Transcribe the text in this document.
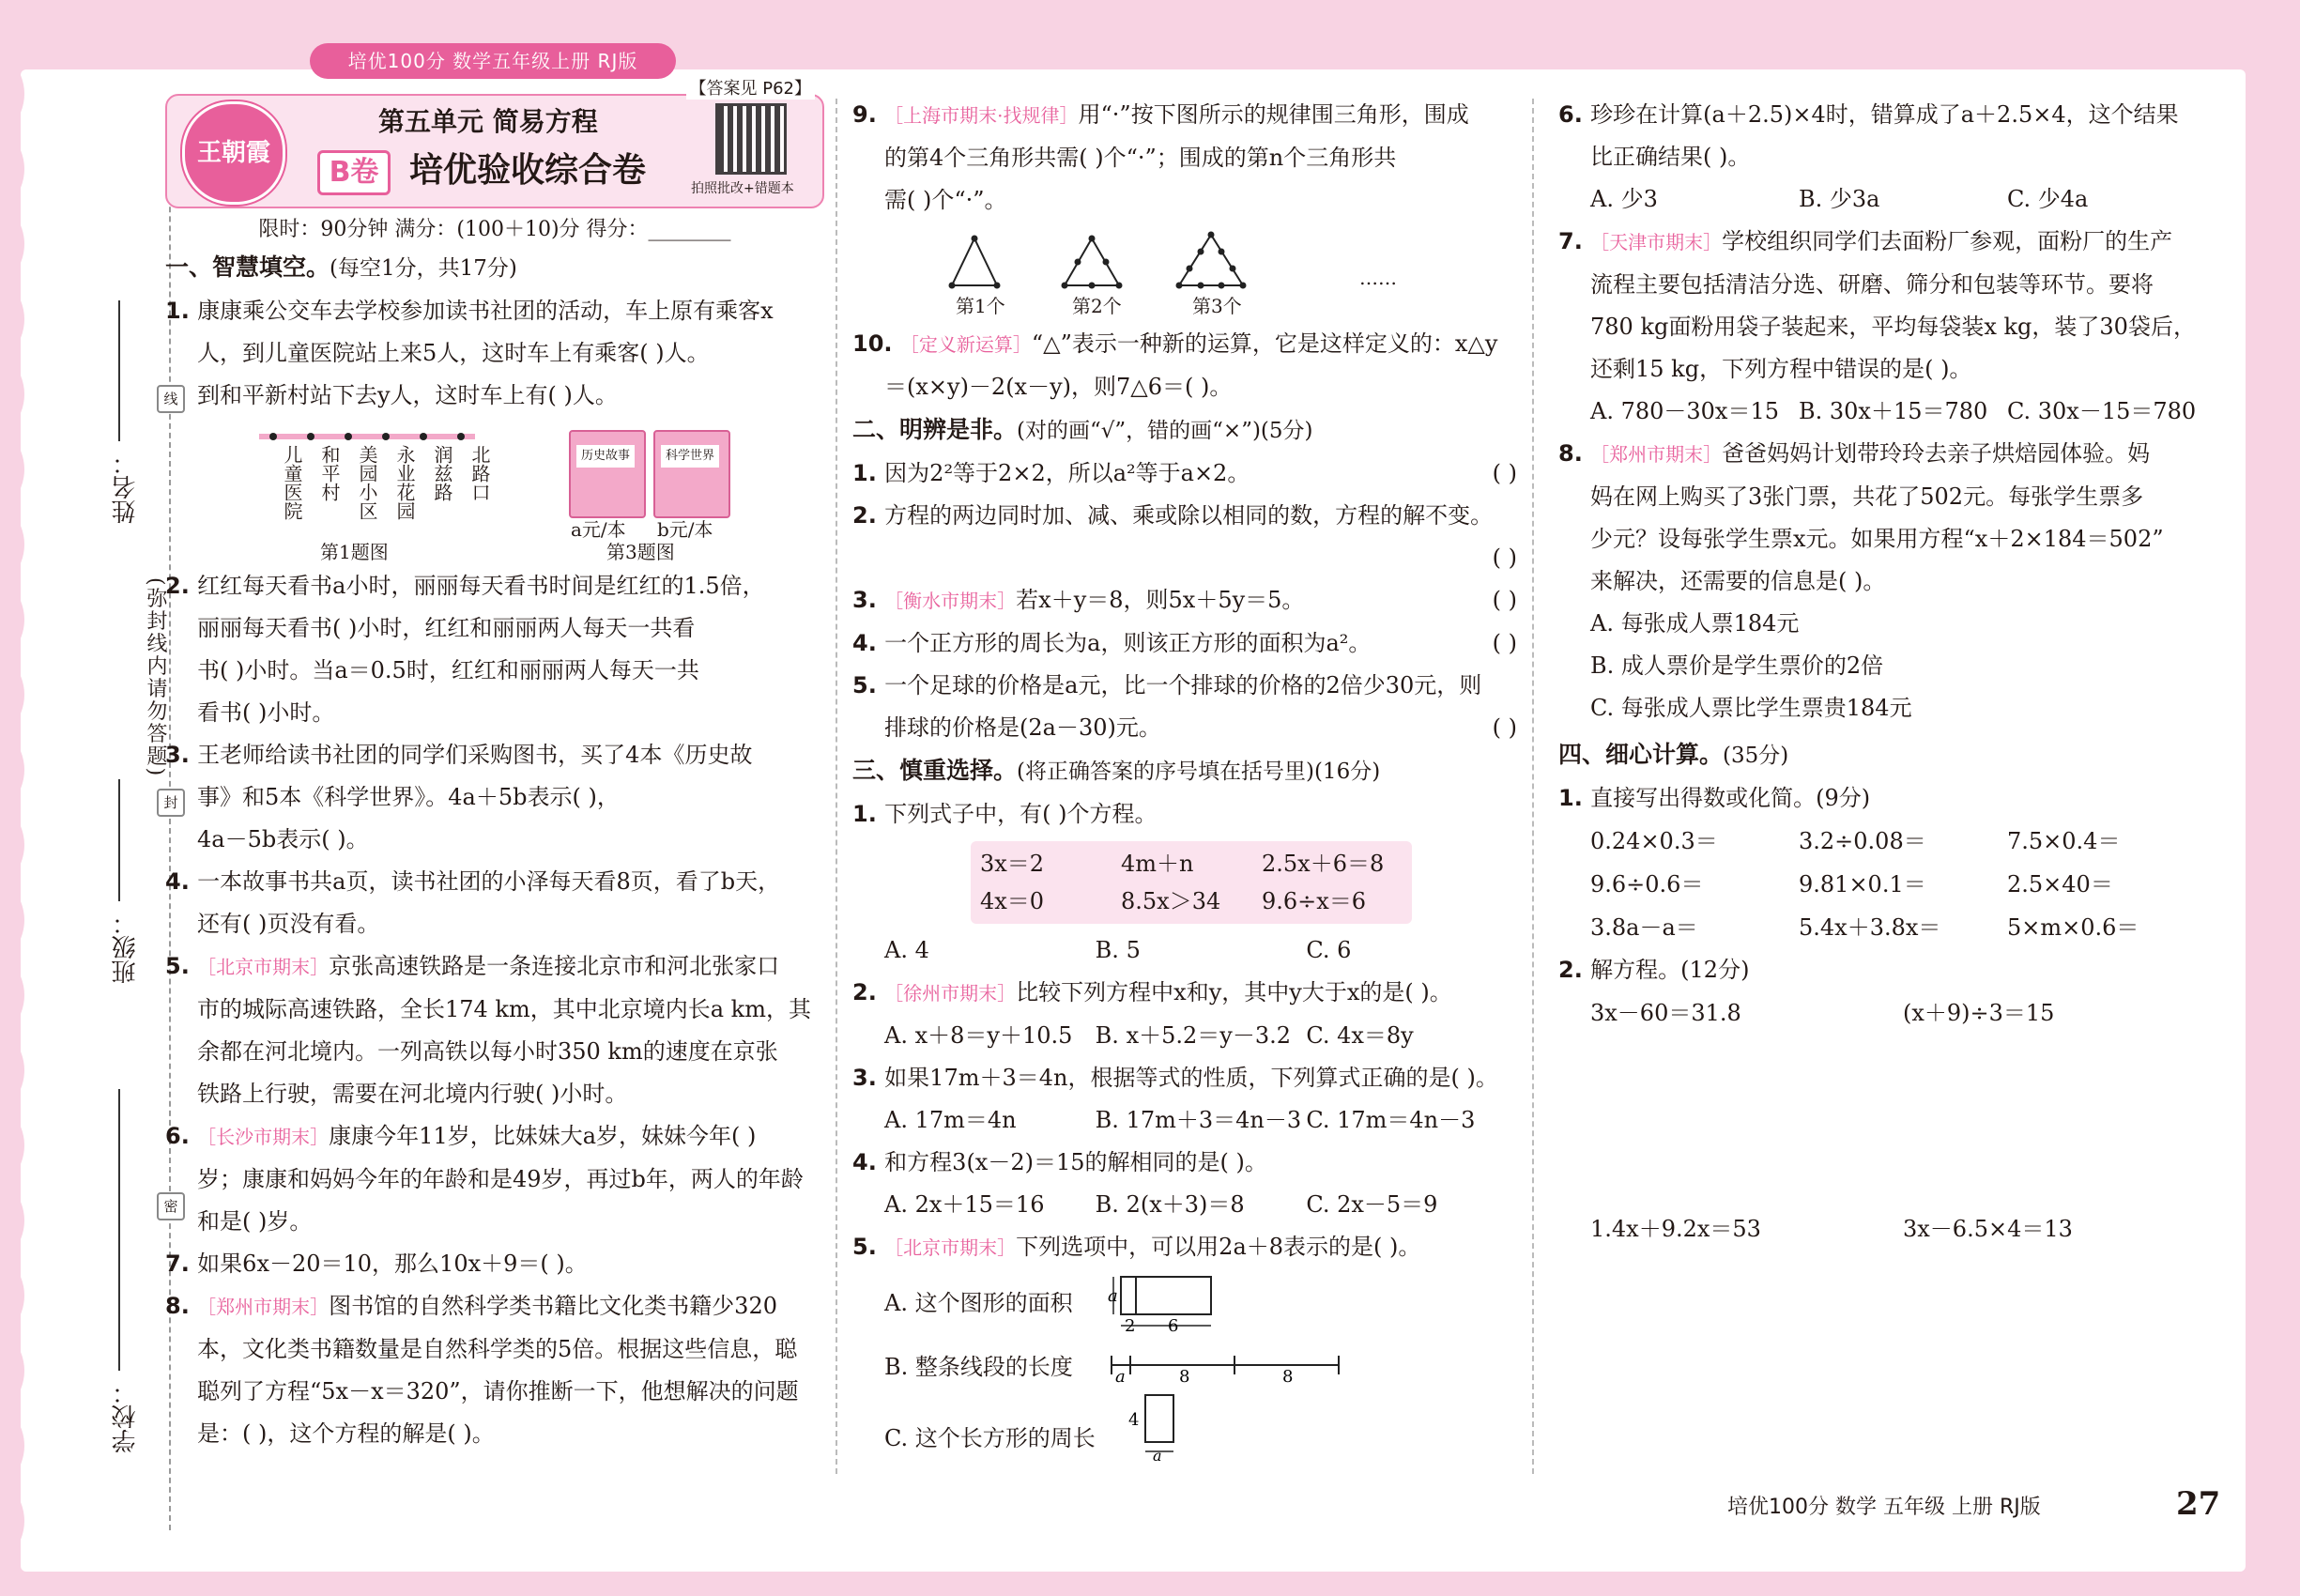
培优100分 数学五年级上册 RJ版
姓名：
班级：
学校：
线
封
密
(弥封线内请勿答题)
【答案见 P62】
王朝霞
第五单元 简易方程
B卷 培优验收综合卷	拍照批改+错题本
限时：90分钟 满分：(100＋10)分 得分：________
一、智慧填空。(每空1分，共17分)
1. 康康乘公交车去学校参加读书社团的活动，车上原有乘客x
人，到儿童医院站上来5人，这时车上有乘客( )人。
到和平新村站下去y人，这时车上有( )人。
儿童医院 和平村 美园小区 永业花园 润兹路 北路口	历史故事	科学世界
a元/本 b元/本
第1题图	第3题图
2. 红红每天看书a小时，丽丽每天看书时间是红红的1.5倍，
丽丽每天看书( )小时，红红和丽丽两人每天一共看
书( )小时。当a＝0.5时，红红和丽丽两人每天一共
看书( )小时。
3. 王老师给读书社团的同学们采购图书，买了4本《历史故
事》和5本《科学世界》。4a＋5b表示( )，
4a－5b表示( )。
4. 一本故事书共a页，读书社团的小泽每天看8页，看了b天，
还有( )页没有看。
5. ［北京市期末］京张高速铁路是一条连接北京市和河北张家口
市的城际高速铁路，全长174 km，其中北京境内长a km，其
余都在河北境内。一列高铁以每小时350 km的速度在京张
铁路上行驶，需要在河北境内行驶( )小时。
6. ［长沙市期末］康康今年11岁，比妹妹大a岁，妹妹今年( )
岁；康康和妈妈今年的年龄和是49岁，再过b年，两人的年龄
和是( )岁。
7. 如果6x－20＝10，那么10x＋9＝( )。
8. ［郑州市期末］图书馆的自然科学类书籍比文化类书籍少320
本，文化类书籍数量是自然科学类的5倍。根据这些信息，聪
聪列了方程“5x－x＝320”，请你推断一下，他想解决的问题
是：( )，这个方程的解是( )。
9. ［上海市期末·找规律］用“·”按下图所示的规律围三角形，围成
的第4个三角形共需( )个“·”；围成的第n个三角形共
需( )个“·”。
第1个	第2个	第3个
……
10. ［定义新运算］“△”表示一种新的运算，它是这样定义的：x△y
＝(x×y)－2(x－y)，则7△6＝( )。
二、明辨是非。(对的画“√”，错的画“×”)(5分)
1. 因为2²等于2×2，所以a²等于a×2。	( )
2. 方程的两边同时加、减、乘或除以相同的数，方程的解不变。
( )
3. ［衡水市期末］若x＋y＝8，则5x＋5y＝5。	( )
4. 一个正方形的周长为a，则该正方形的面积为a²。	( )
5. 一个足球的价格是a元，比一个排球的价格的2倍少30元，则
排球的价格是(2a－30)元。	( )
三、慎重选择。(将正确答案的序号填在括号里)(16分)
1. 下列式子中，有( )个方程。
3x＝2	4m＋n	2.5x＋6＝8
4x＝0	8.5x＞34	9.6÷x＝6
A. 4	B. 5	C. 6
2. ［徐州市期末］比较下列方程中x和y，其中y大于x的是( )。
A. x＋8＝y＋10.5	B. x＋5.2＝y－3.2 C. 4x＝8y
3. 如果17m＋3＝4n，根据等式的性质，下列算式正确的是( )。
A. 17m＝4n	B. 17m＋3＝4n－3 C. 17m＝4n－3
4. 和方程3(x－2)＝15的解相同的是( )。
A. 2x＋15＝16	B. 2(x＋3)＝8	C. 2x－5＝9
5. ［北京市期末］下列选项中，可以用2a＋8表示的是( )。
A. 这个图形的面积 a
2 6
B. 整条线段的长度	a	8	8
C. 这个长方形的周长
4
a
6. 珍珍在计算(a＋2.5)×4时，错算成了a＋2.5×4，这个结果
比正确结果( )。
A. 少3	B. 少3a	C. 少4a
7. ［天津市期末］学校组织同学们去面粉厂参观，面粉厂的生产
流程主要包括清洁分选、研磨、筛分和包装等环节。要将
780 kg面粉用袋子装起来，平均每袋装x kg，装了30袋后，
还剩15 kg，下列方程中错误的是( )。
A. 780－30x＝15 B. 30x＋15＝780 C. 30x－15＝780
8. ［郑州市期末］爸爸妈妈计划带玲玲去亲子烘焙园体验。妈
妈在网上购买了3张门票，共花了502元。每张学生票多
少元？设每张学生票x元。如果用方程“x＋2×184＝502”
来解决，还需要的信息是( )。
A. 每张成人票184元
B. 成人票价是学生票价的2倍
C. 每张成人票比学生票贵184元
四、细心计算。(35分)
1. 直接写出得数或化简。(9分)
0.24×0.3＝	3.2÷0.08＝	7.5×0.4＝
9.6÷0.6＝	9.81×0.1＝	2.5×40＝
3.8a－a＝	5.4x＋3.8x＝	5×m×0.6＝
2. 解方程。(12分)
3x－60＝31.8	(x＋9)÷3＝15
1.4x＋9.2x＝53	3x－6.5×4＝13
培优100分 数学 五年级 上册 RJ版	27
